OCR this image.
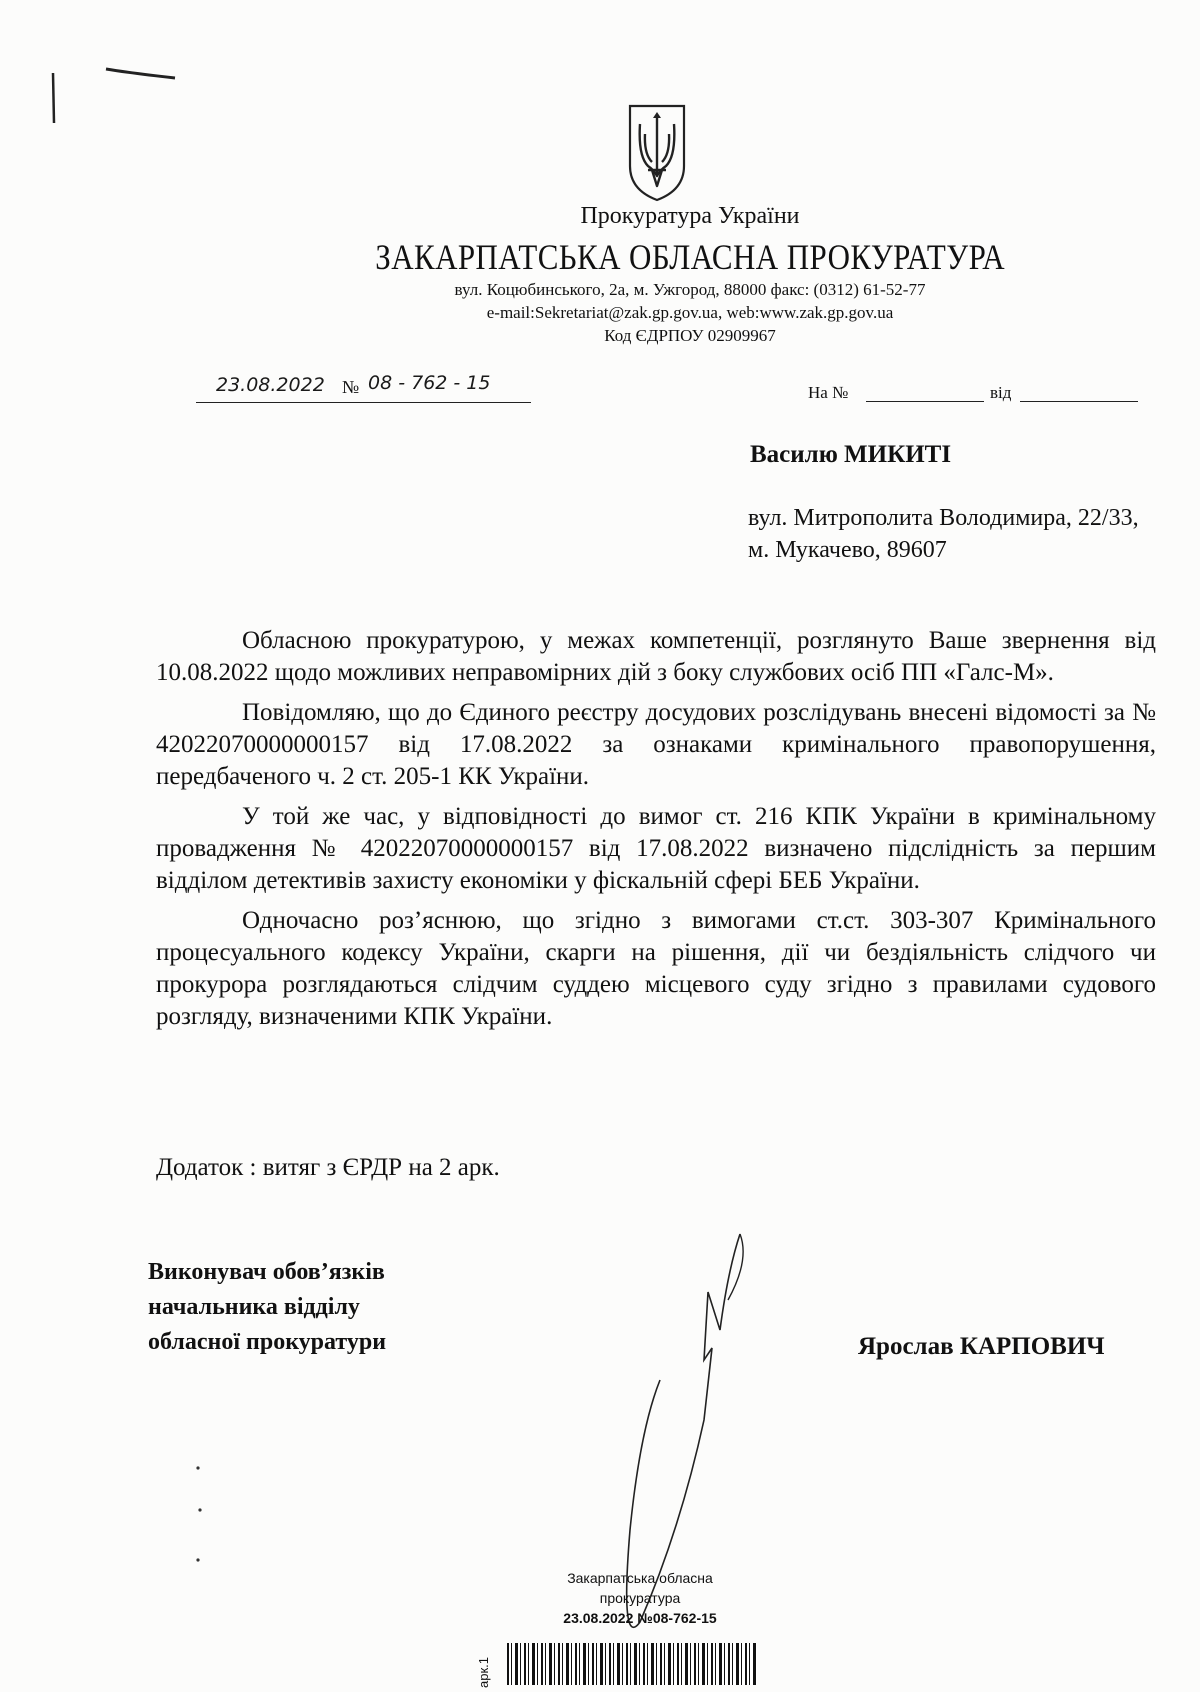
Прокуратура України
ЗАКАРПАТСЬКА ОБЛАСНА ПРОКУРАТУРА
вул. Коцюбинського, 2а, м. Ужгород, 88000 факс: (0312) 61-52-77
e-mail:Sekretariat@zak.gp.gov.ua, web:www.zak.gp.gov.ua
Код ЄДРПОУ 02909967
23.08.2022 № 08 - 762 - 15	На №	від
Василю МИКИТІ
вул. Митрополита Володимира, 22/33,
м. Мукачево, 89607
Обласною прокуратурою, у межах компетенції, розглянуто Ваше звернення від 10.08.2022 щодо можливих неправомірних дій з боку службових осіб ПП «Галс-М».
Повідомляю, що до Єдиного реєстру досудових розслідувань внесені відомості за № 42022070000000157 від 17.08.2022 за ознаками кримінального правопорушення, передбаченого ч. 2 ст. 205-1 КК України.
У той же час, у відповідності до вимог ст. 216 КПК України в кримінальному провадження № 42022070000000157 від 17.08.2022 визначено підслідність за першим відділом детективів захисту економіки у фіскальній сфері БЕБ України.
Одночасно роз’яснюю, що згідно з вимогами ст.ст. 303-307 Кримінального процесуального кодексу України, скарги на рішення, дії чи бездіяльність слідчого чи прокурора розглядаються слідчим суддею місцевого суду згідно з правилами судового розгляду, визначеними КПК України.
Додаток : витяг з ЄРДР на 2 арк.
Виконувач обов’язків
начальника відділу
обласної прокуратури	Ярослав КАРПОВИЧ
Закарпатська обласна
прокуратура
23.08.2022 №08-762-15
арк.1
